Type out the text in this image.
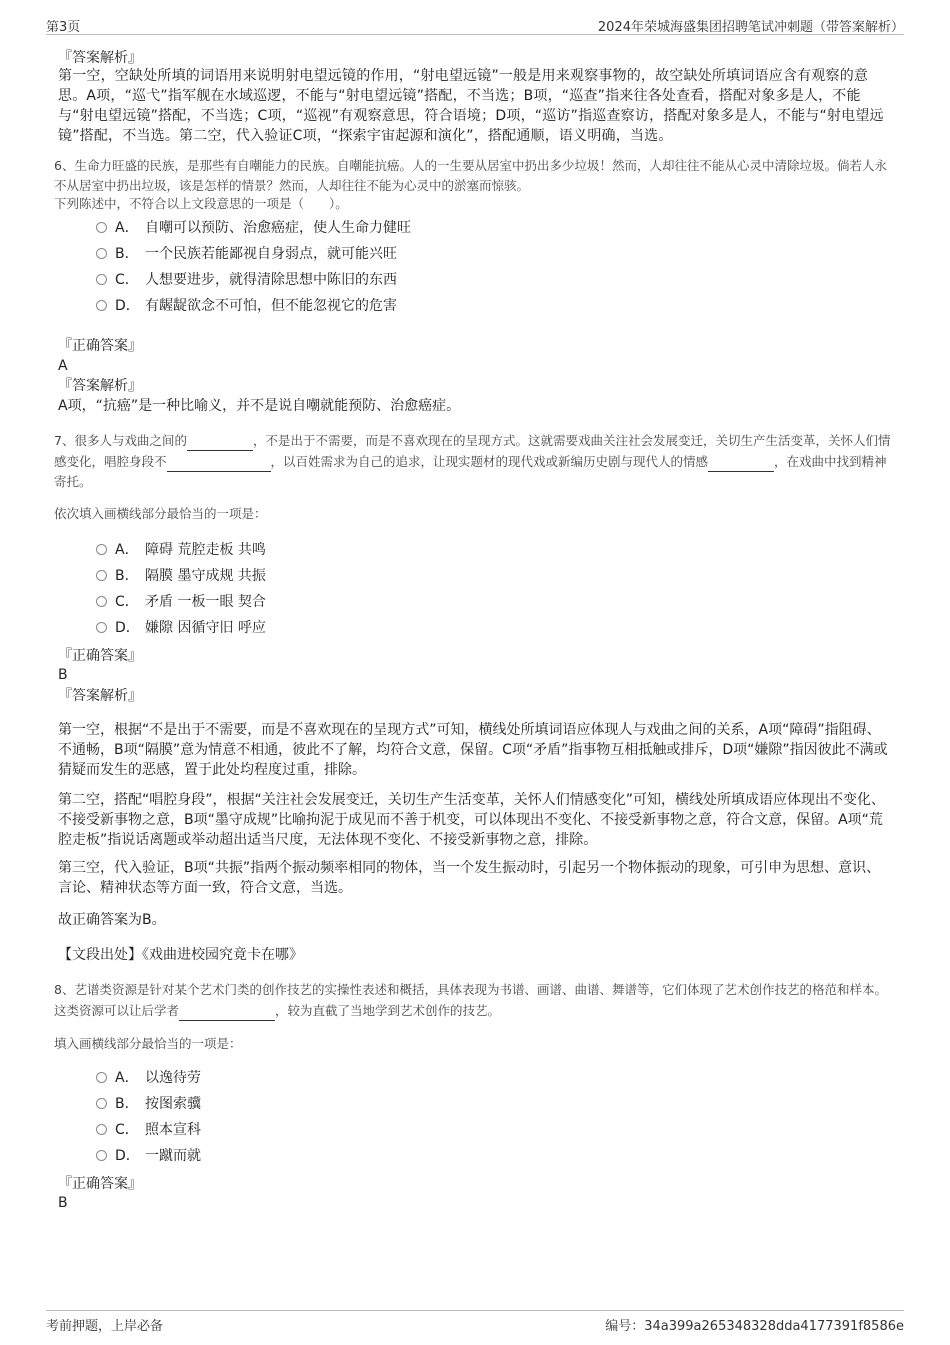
第3页	2024年荣城海盛集团招聘笔试冲刺题（带答案解析）
『答案解析』
第一空，空缺处所填的词语用来说明射电望远镜的作用，“射电望远镜”一般是用来观察事物的，故空缺处所填词语应含有观察的意思。A项，“巡弋”指军舰在水域巡逻，不能与“射电望远镜”搭配，不当选；B项，“巡查”指来往各处查看，搭配对象多是人，不能与“射电望远镜”搭配，不当选；C项，“巡视”有观察意思，符合语境；D项，“巡访”指巡查察访，搭配对象多是人，不能与“射电望远镜”搭配，不当选。第二空，代入验证C项，“探索宇宙起源和演化”，搭配通顺，语义明确，当选。
6、生命力旺盛的民族，是那些有自嘲能力的民族。自嘲能抗癌。人的一生要从居室中扔出多少垃圾！然而，人却往往不能从心灵中清除垃圾。倘若人永不从居室中扔出垃圾，该是怎样的情景？然而，人却往往不能为心灵中的淤塞而惊骇。
下列陈述中，不符合以上文段意思的一项是（　　）。
A． 自嘲可以预防、治愈癌症，使人生命力健旺
B． 一个民族若能鄙视自身弱点，就可能兴旺
C． 人想要进步，就得清除思想中陈旧的东西
D． 有龌龊欲念不可怕，但不能忽视它的危害
『正确答案』
A
『答案解析』
A项，“抗癌”是一种比喻义，并不是说自嘲就能预防、治愈癌症。
7、很多人与戏曲之间的	，不是出于不需要，而是不喜欢现在的呈现方式。这就需要戏曲关注社会发展变迁，关切生产生活变革，关怀人们情感变化，唱腔身段不	，以百姓需求为自己的追求，让现实题材的现代戏或新编历史剧与现代人的情感	，在戏曲中找到精神寄托。
依次填入画横线部分最恰当的一项是：
A． 障碍 荒腔走板 共鸣
B． 隔膜 墨守成规 共振
C． 矛盾 一板一眼 契合
D． 嫌隙 因循守旧 呼应
『正确答案』
B
『答案解析』
第一空，根据“不是出于不需要，而是不喜欢现在的呈现方式”可知，横线处所填词语应体现人与戏曲之间的关系，A项“障碍”指阻碍、不通畅，B项“隔膜”意为情意不相通，彼此不了解，均符合文意，保留。C项“矛盾”指事物互相抵触或排斥，D项“嫌隙”指因彼此不满或猜疑而发生的恶感，置于此处均程度过重，排除。
第二空，搭配“唱腔身段”，根据“关注社会发展变迁，关切生产生活变革，关怀人们情感变化”可知，横线处所填成语应体现出不变化、不接受新事物之意，B项“墨守成规”比喻拘泥于成见而不善于机变，可以体现出不变化、不接受新事物之意，符合文意，保留。A项“荒腔走板”指说话离题或举动超出适当尺度，无法体现不变化、不接受新事物之意，排除。
第三空，代入验证，B项“共振”指两个振动频率相同的物体，当一个发生振动时，引起另一个物体振动的现象，可引申为思想、意识、言论、精神状态等方面一致，符合文意，当选。
故正确答案为B。
【文段出处】《戏曲进校园究竟卡在哪》
8、艺谱类资源是针对某个艺术门类的创作技艺的实操性表述和概括，具体表现为书谱、画谱、曲谱、舞谱等，它们体现了艺术创作技艺的格范和样本。这类资源可以让后学者	，较为直截了当地学到艺术创作的技艺。
填入画横线部分最恰当的一项是：
A． 以逸待劳
B． 按图索骥
C． 照本宣科
D． 一蹴而就
『正确答案』
B
考前押题，上岸必备	编号：34a399a265348328dda4177391f8586e
